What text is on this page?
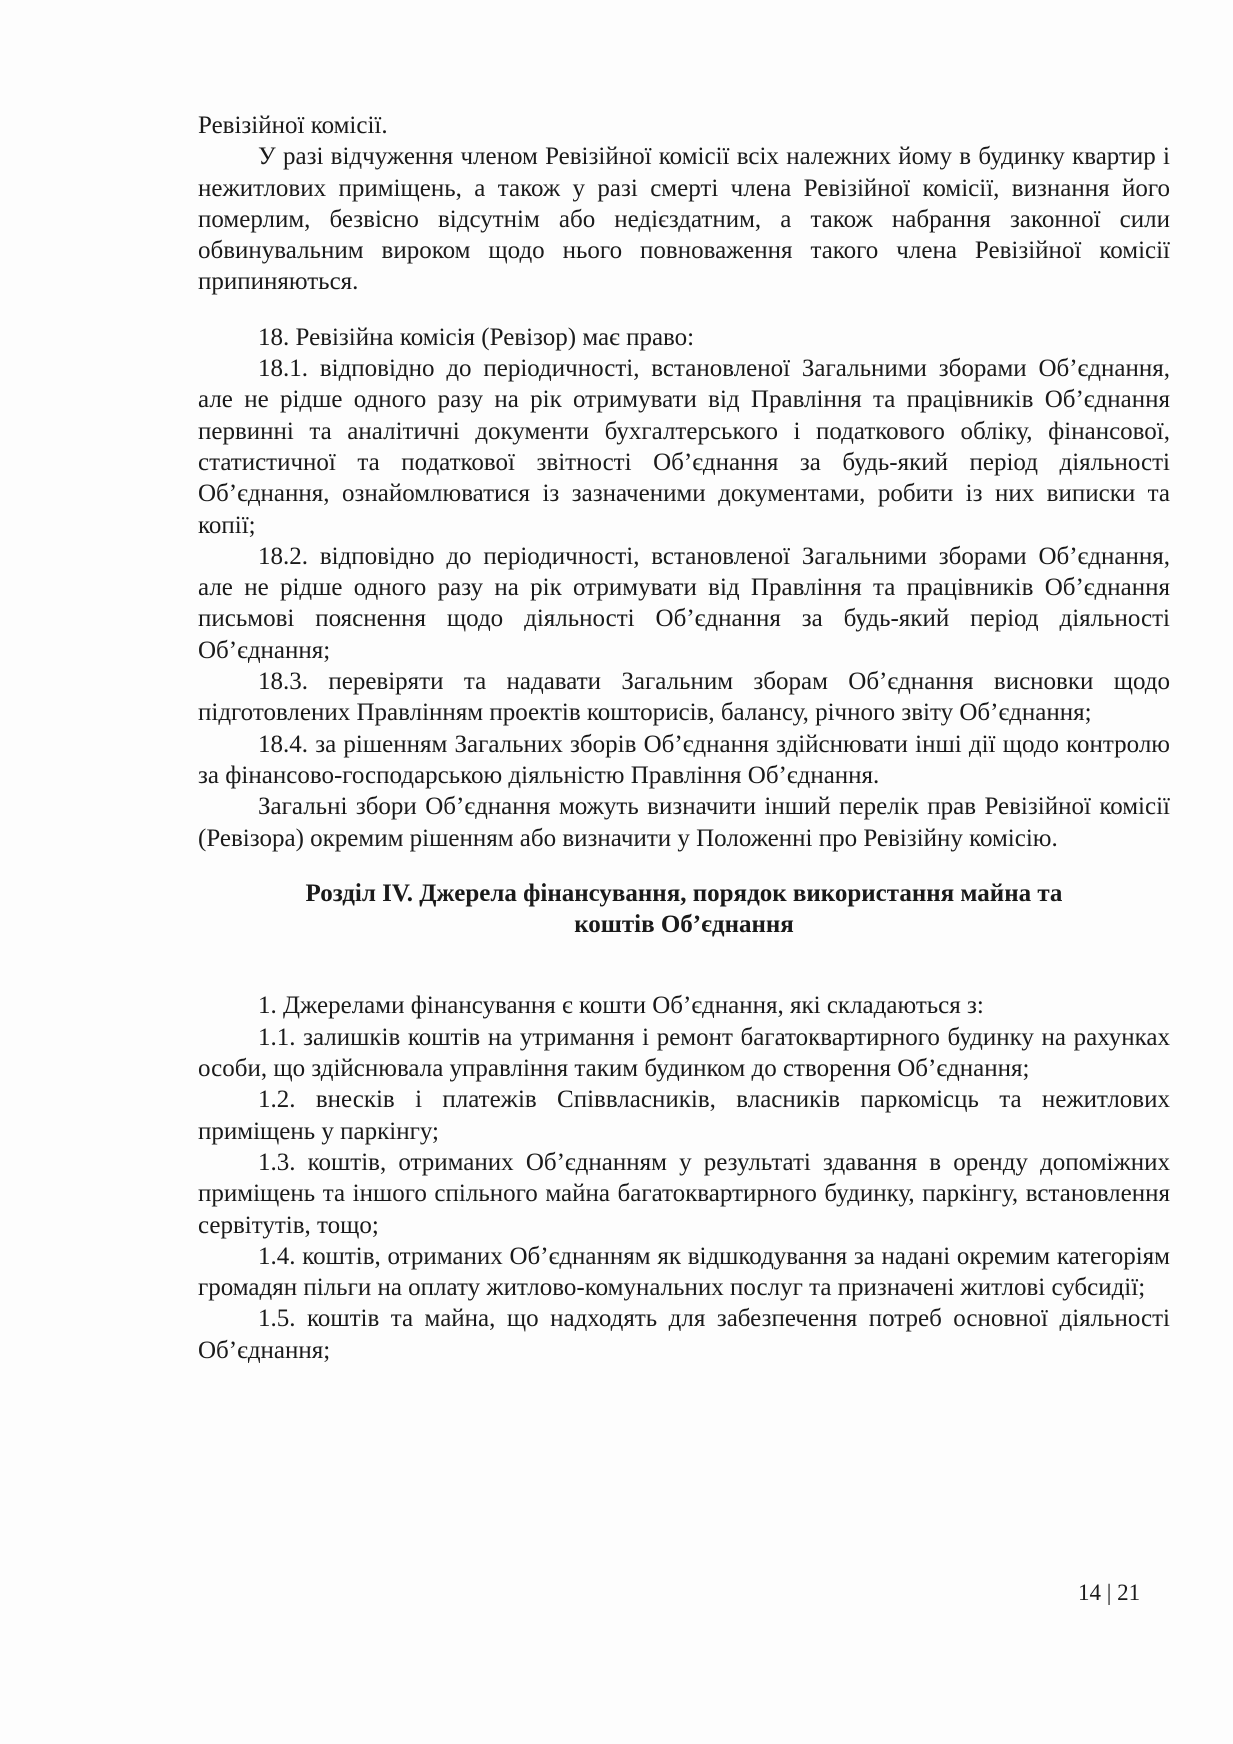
Ревізійної комісії.

У разі відчуження членом Ревізійної комісії всіх належних йому в будинку квартир і нежитлових приміщень, а також у разі смерті члена Ревізійної комісії, визнання його померлим, безвісно відсутнім або недієздатним, а також набрання законної сили обвинувальним вироком щодо нього повноваження такого члена Ревізійної комісії припиняються.

18. Ревізійна комісія (Ревізор) має право:

18.1. відповідно до періодичності, встановленої Загальними зборами Об’єднання, але не рідше одного разу на рік отримувати від Правління та працівників Об’єднання первинні та аналітичні документи бухгалтерського і податкового обліку, фінансової, статистичної та податкової звітності Об’єднання за будь-який період діяльності Об’єднання, ознайомлюватися із зазначеними документами, робити із них виписки та копії;

18.2. відповідно до періодичності, встановленої Загальними зборами Об’єднання, але не рідше одного разу на рік отримувати від Правління та працівників Об’єднання письмові пояснення щодо діяльності Об’єднання за будь-який період діяльності Об’єднання;

18.3. перевіряти та надавати Загальним зборам Об’єднання висновки щодо підготовлених Правлінням проектів кошторисів, балансу, річного звіту Об’єднання;

18.4. за рішенням Загальних зборів Об’єднання здійснювати інші дії щодо контролю за фінансово-господарською діяльністю Правління Об’єднання.

Загальні збори Об’єднання можуть визначити інший перелік прав Ревізійної комісії (Ревізора) окремим рішенням або визначити у Положенні про Ревізійну комісію.

Розділ IV. Джерела фінансування, порядок використання майна та
коштів Об’єднання

1. Джерелами фінансування є кошти Об’єднання, які складаються з:

1.1. залишків коштів на утримання і ремонт багатоквартирного будинку на рахунках особи, що здійснювала управління таким будинком до створення Об’єднання;

1.2. внесків і платежів Співвласників, власників паркомісць та нежитлових приміщень у паркінгу;

1.3. коштів, отриманих Об’єднанням у результаті здавання в оренду допоміжних приміщень та іншого спільного майна багатоквартирного будинку, паркінгу, встановлення сервітутів, тощо;

1.4. коштів, отриманих Об’єднанням як відшкодування за надані окремим категоріям громадян пільги на оплату житлово-комунальних послуг та призначені житлові субсидії;

1.5. коштів та майна, що надходять для забезпечення потреб основної діяльності Об’єднання;

14 | 21
